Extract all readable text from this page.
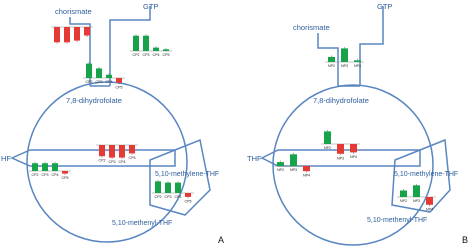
chorismate
GTP
7,8-dihydrofolate
HF
5,10-methylene-THF
5,10-methenyl-THF
A
CP2 CP3 CP4 CP5
CP2 CP3 CP4
CP5
CP2 CP3 CP4
CP5
CP2 CP3 CP4
CP5
CP2 CP3 CP4
CP5
chorismate
GTP
7,8-dihydrofolate
THF
5,10-methylene-THF
5,10-methenyl-THF
B
NP2 NP3 NP4
NP2
NP3 NP4
NP2 NP3
NP4
NP2 NP3
NP4
